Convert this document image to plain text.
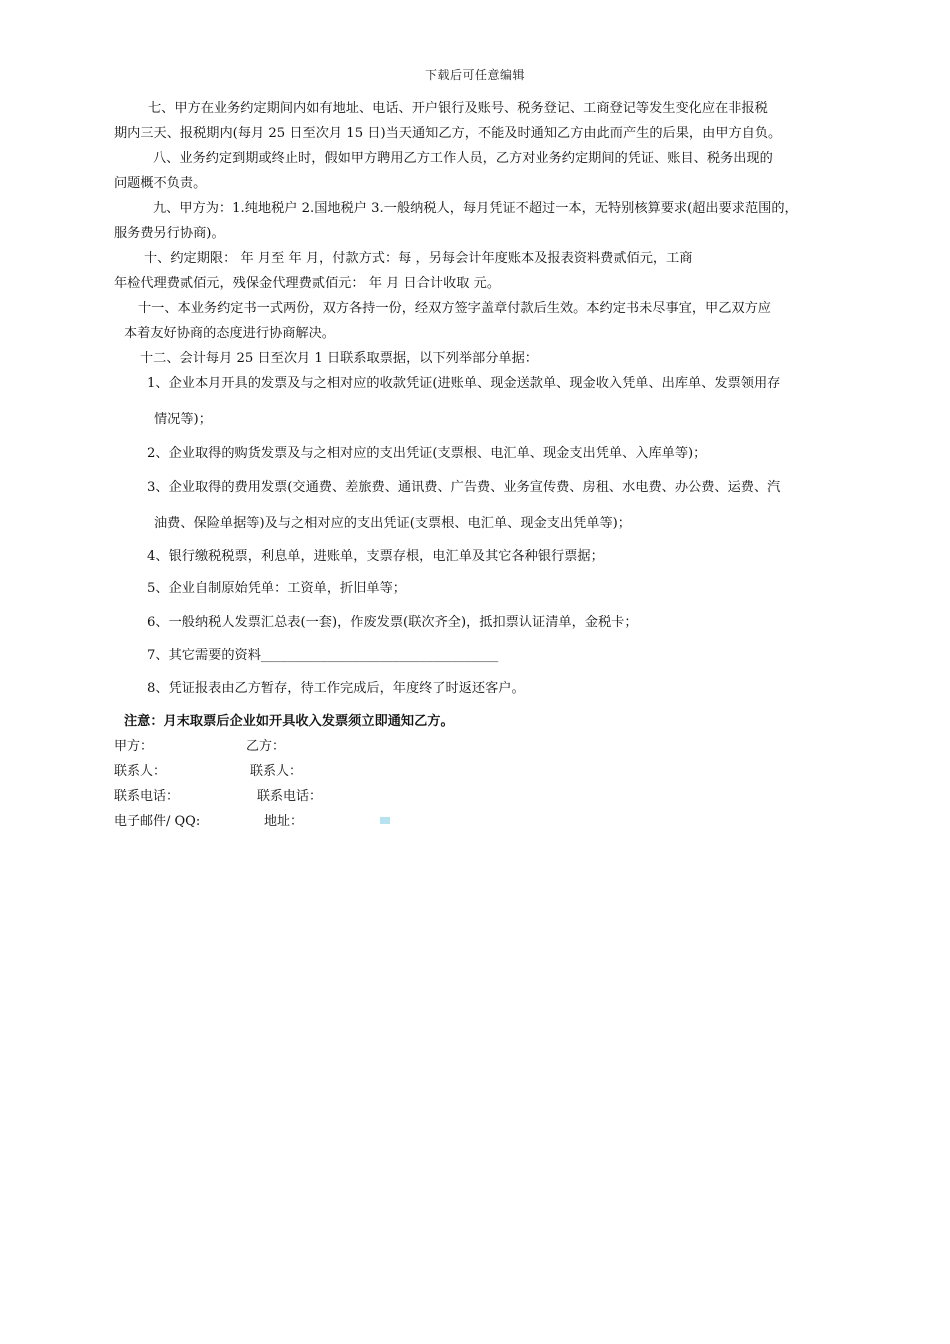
下载后可任意编辑
七、甲方在业务约定期间内如有地址、电话、开户银行及账号、税务登记、工商登记等发生变化应在非报税
期内三天、报税期内(每月 25 日至次月 15 日)当天通知乙方，不能及时通知乙方由此而产生的后果，由甲方自负。
八、业务约定到期或终止时，假如甲方聘用乙方工作人员，乙方对业务约定期间的凭证、账目、税务出现的
问题概不负责。
九、甲方为：1.纯地税户 2.国地税户 3.一般纳税人，每月凭证不超过一本，无特别核算要求(超出要求范围的，
服务费另行协商)。
十、约定期限： 年 月至 年 月，付款方式：每 ，另每会计年度账本及报表资料费贰佰元，工商
年检代理费贰佰元，残保金代理费贰佰元： 年 月 日合计收取 元。
十一、本业务约定书一式两份，双方各持一份，经双方签字盖章付款后生效。本约定书未尽事宜，甲乙双方应
本着友好协商的态度进行协商解决。
十二、会计每月 25 日至次月 1 日联系取票据，以下列举部分单据：
1、企业本月开具的发票及与之相对应的收款凭证(进账单、现金送款单、现金收入凭单、出库单、发票领用存
情况等)；
2、企业取得的购货发票及与之相对应的支出凭证(支票根、电汇单、现金支出凭单、入库单等)；
3、企业取得的费用发票(交通费、差旅费、通讯费、广告费、业务宣传费、房租、水电费、办公费、运费、汽
油费、保险单据等)及与之相对应的支出凭证(支票根、电汇单、现金支出凭单等)；
4、银行缴税税票，利息单，进账单，支票存根，电汇单及其它各种银行票据；
5、企业自制原始凭单：工资单，折旧单等；
6、一般纳税人发票汇总表(一套)，作废发票(联次齐全)，抵扣票认证清单，金税卡；
7、其它需要的资料____________________________________
8、凭证报表由乙方暂存，待工作完成后，年度终了时返还客户。
注意：月末取票后企业如开具收入发票须立即通知乙方。
甲方：	乙方：
联系人：	联系人：
联系电话：	联系电话：
电子邮件/ QQ:	地址：
